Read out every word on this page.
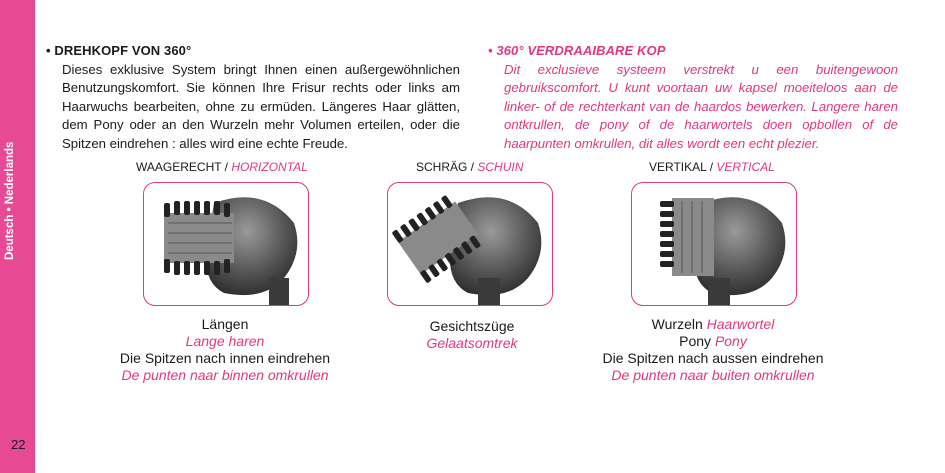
Deutsch • Nederlands
22
• DREHKOPF VON 360°
Dieses exklusive System bringt Ihnen einen außergewöhnlichen Benutzungskomfort. Sie können Ihre Frisur rechts oder links am Haarwuchs bearbeiten, ohne zu ermüden. Längeres Haar glätten, dem Pony oder an den Wurzeln mehr Volumen erteilen, oder die Spitzen eindrehen : alles wird eine echte Freude.
• 360° VERDRAAIBARE KOP
Dit exclusieve systeem verstrekt u een buitengewoon gebruikscomfort. U kunt voortaan uw kapsel moeiteloos aan de linker- of de rechterkant van de haardos bewerken. Langere haren ontkrullen, de pony of de haarwortels doen opbollen of de haarpunten omkrullen, dit alles wordt een echt plezier.
WAAGERECHT / HORIZONTAL
Längen
Lange haren
Die Spitzen nach innen eindrehen
De punten naar binnen omkrullen
SCHRÄG / SCHUIN
Gesichtszüge
Gelaatsomtrek
VERTIKAL / VERTICAL
Wurzeln Haarwortel
Pony Pony
Die Spitzen nach aussen eindrehen
De punten naar buiten omkrullen
